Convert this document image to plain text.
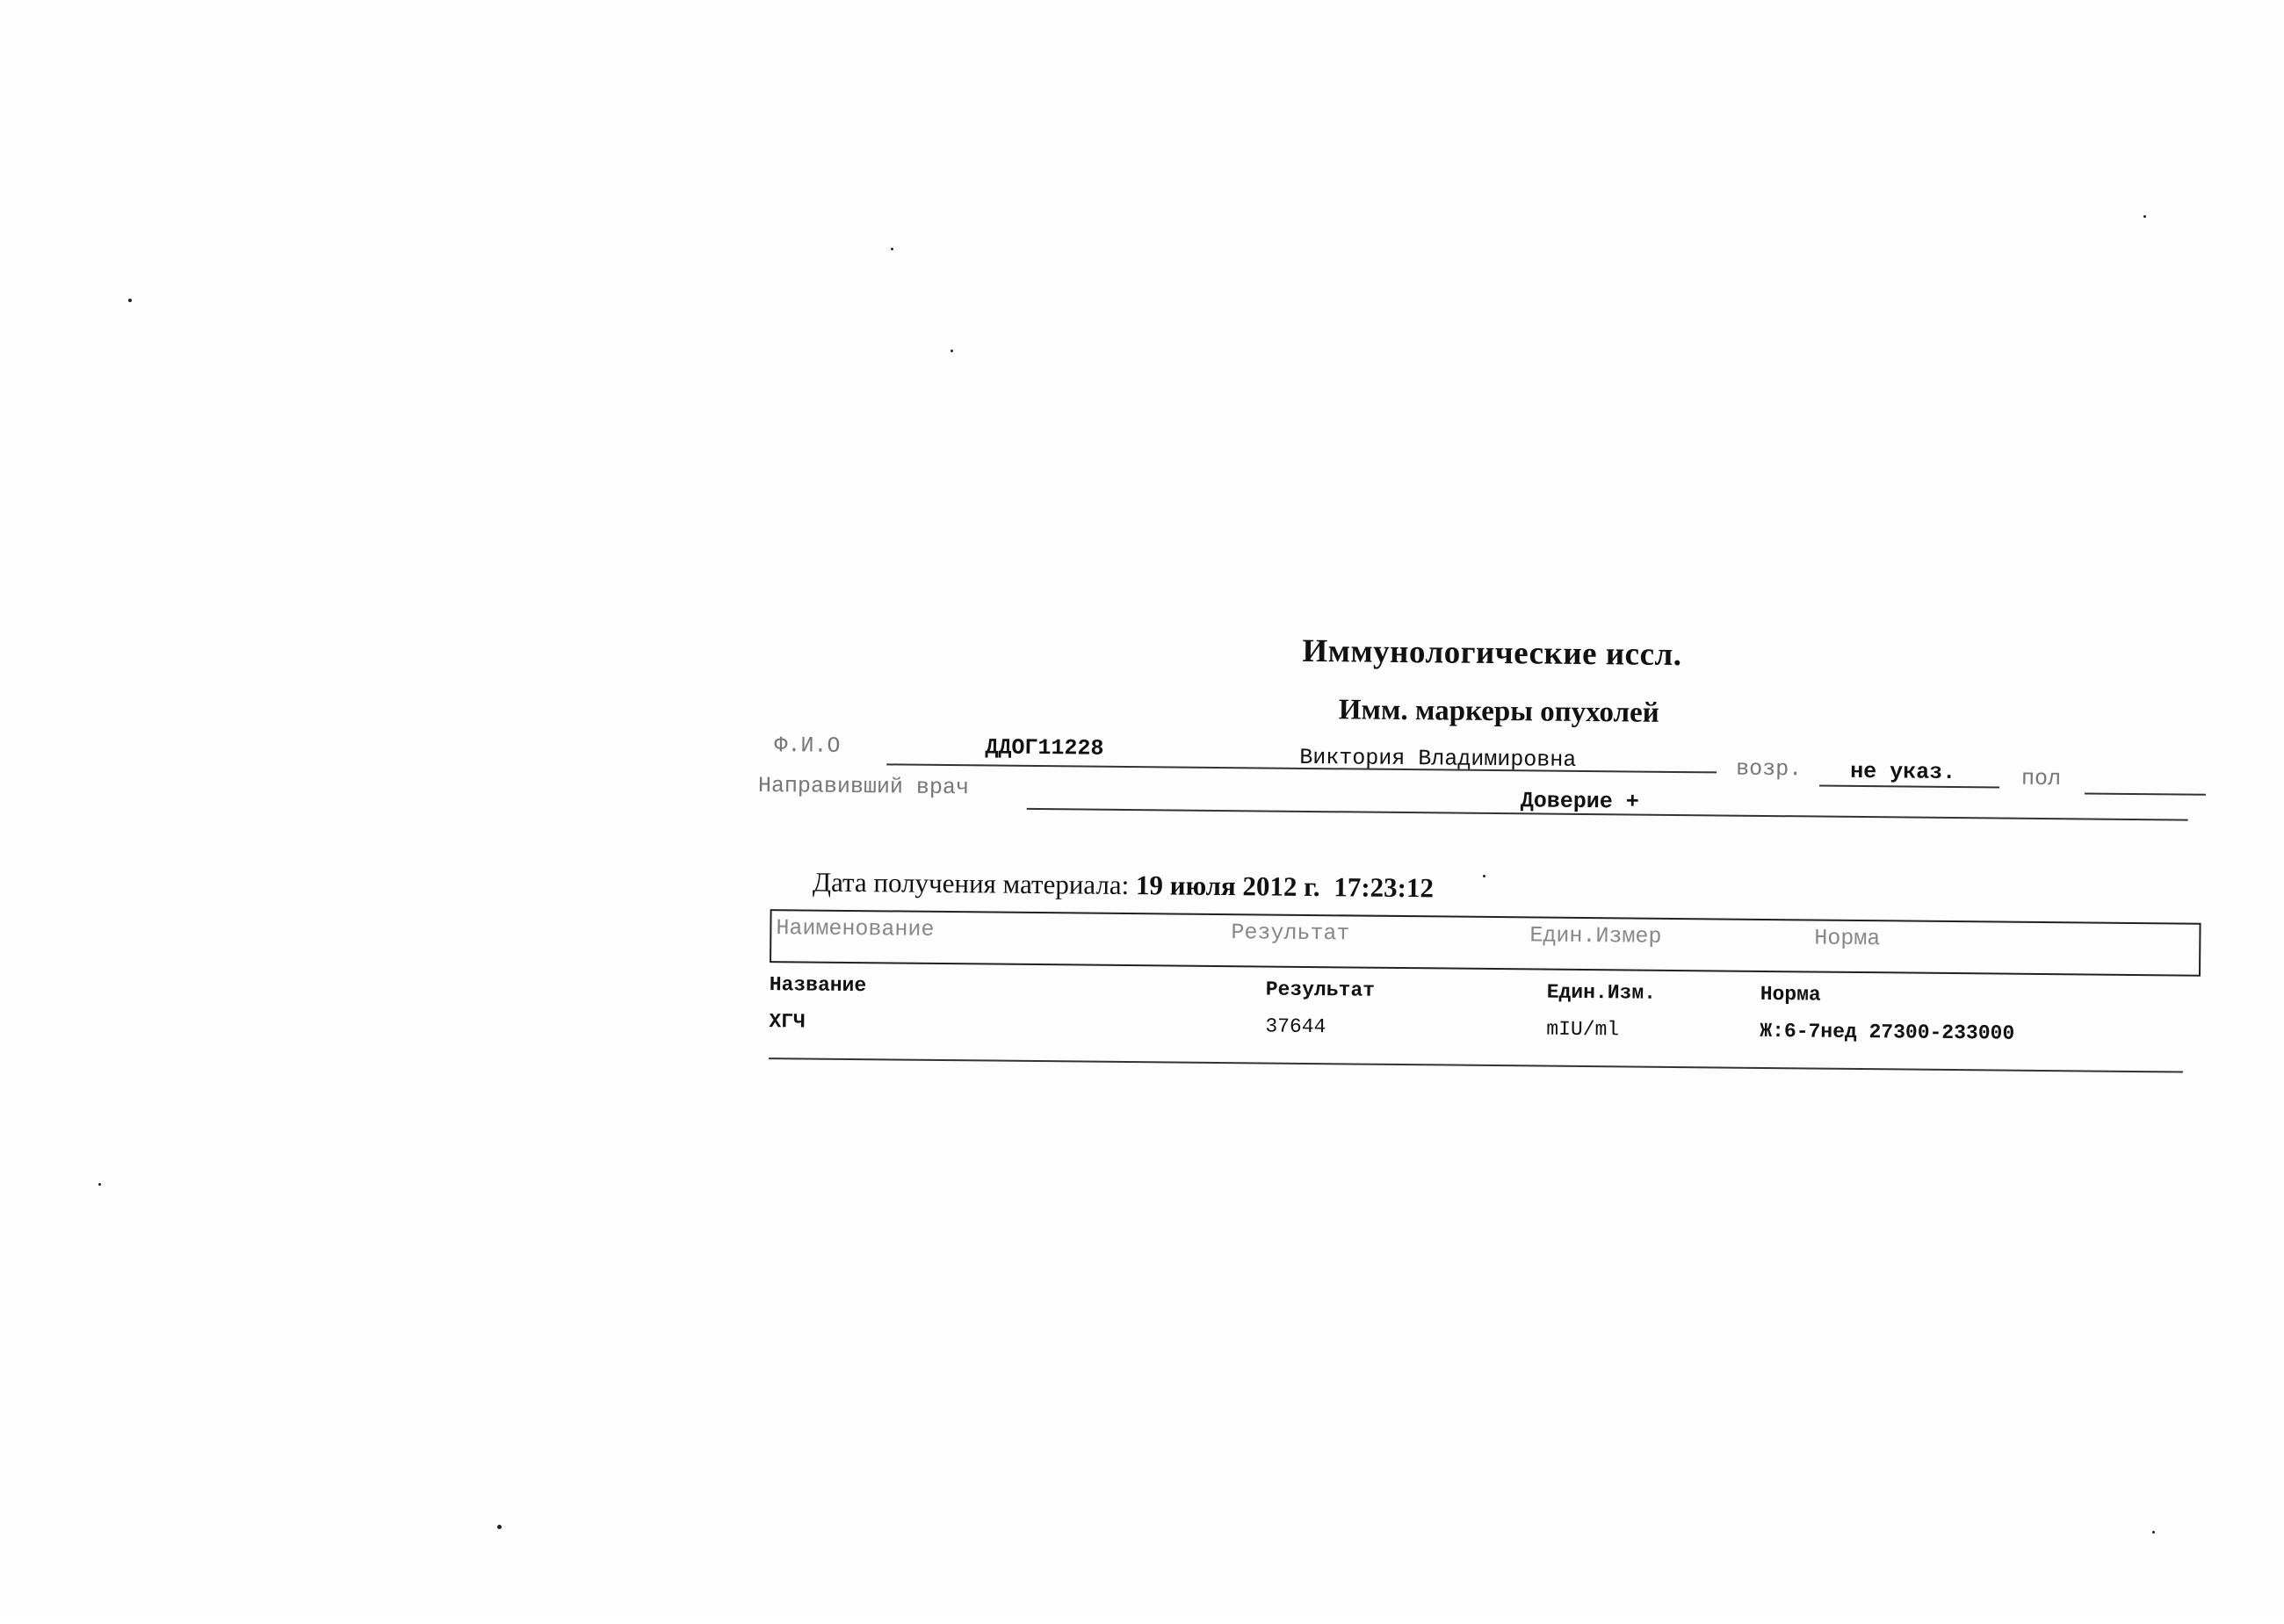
Иммунологические иссл.
Имм. маркеры опухолей
Ф.И.О	ДДОГ11228	Виктория Владимировна	возр. не указ.	пол
Направивший врач
Доверие +
Дата получения материала: 19 июля 2012 г. 17:23:12
Наименование	Результат	Един.Измер	Норма
Название	Результат	Един.Изм.	Норма
ХГЧ	37644	mIU/ml	Ж:6-7нед 27300-233000
